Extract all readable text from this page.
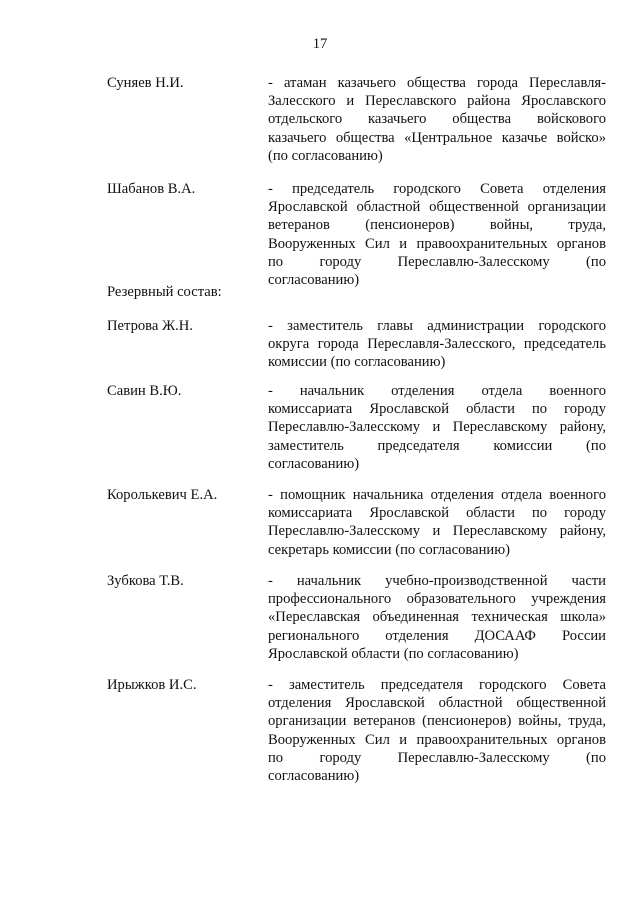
17
Суняев Н.И.	- атаман казачьего общества города Переславля-
Залесского и Переславского района Ярославского
отдельского казачьего общества войскового
казачьего общества «Центральное казачье войско»
(по согласованию)
Шабанов В.А.	- председатель городского Совета отделения
Ярославской областной общественной организации
ветеранов (пенсионеров) войны, труда,
Вооруженных Сил и правоохранительных органов
по городу Переславлю-Залесскому (по
согласованию)
Резервный состав:
Петрова Ж.Н.	- заместитель главы администрации городского
округа города Переславля-Залесского, председатель
комиссии (по согласованию)
Савин В.Ю.	- начальник отделения отдела военного
комиссариата Ярославской области по городу
Переславлю-Залесскому и Переславскому району,
заместитель председателя комиссии (по
согласованию)
Королькевич Е.А.	- помощник начальника отделения отдела военного
комиссариата Ярославской области по городу
Переславлю-Залесскому и Переславскому району,
секретарь комиссии (по согласованию)
Зубкова Т.В.	- начальник учебно-производственной части
профессионального образовательного учреждения
«Переславская объединенная техническая школа»
регионального отделения ДОСААФ России
Ярославской области (по согласованию)
Ирыжков И.С.	- заместитель председателя городского Совета
отделения Ярославской областной общественной
организации ветеранов (пенсионеров) войны, труда,
Вооруженных Сил и правоохранительных органов
по городу Переславлю-Залесскому (по
согласованию)
